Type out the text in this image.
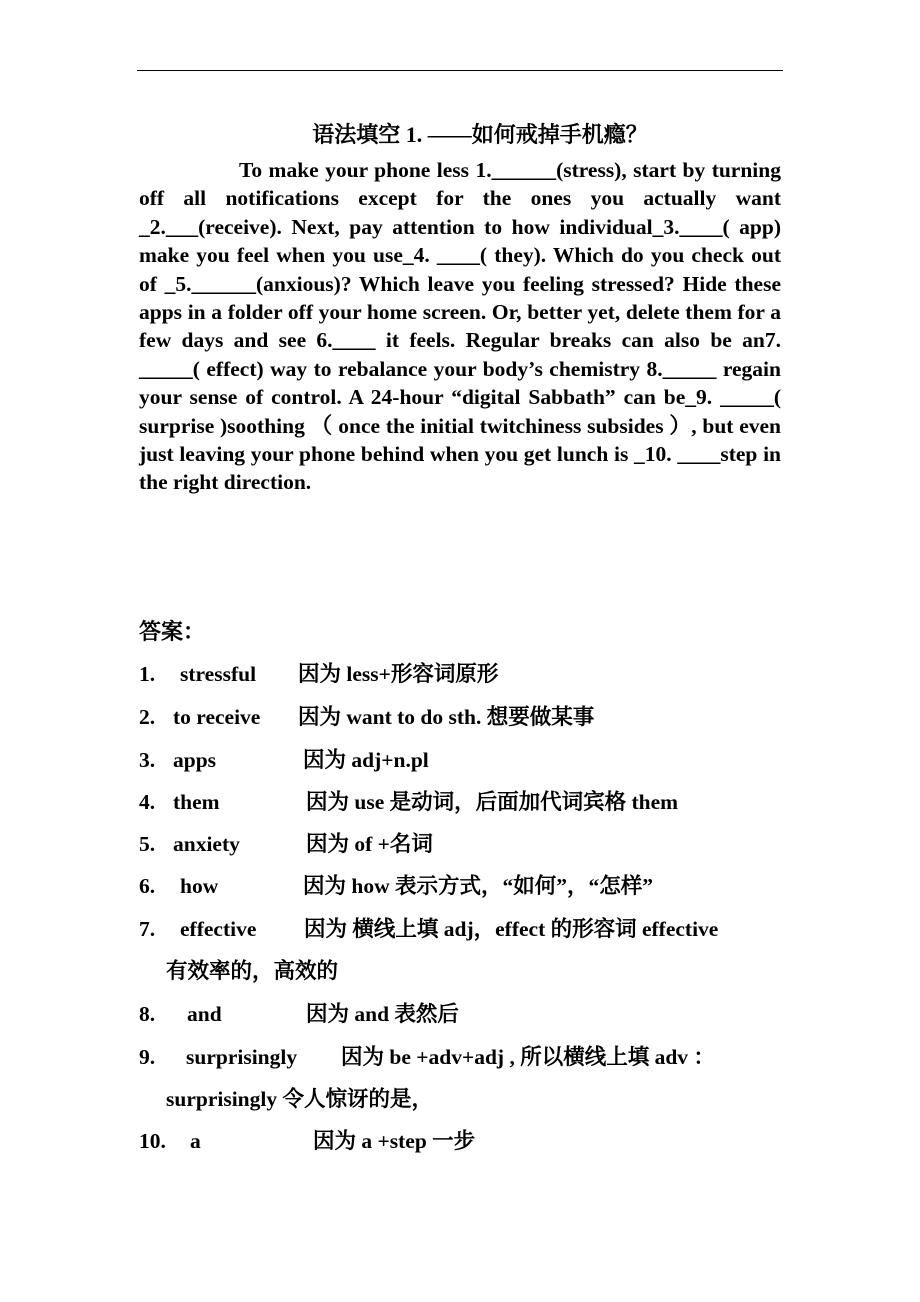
语法填空 1. ——如何戒掉手机瘾？

To make your phone less 1.______(stress), start by turning off all notifications except for the ones you actually want _2.___(receive). Next, pay attention to how individual_3.____( app) make you feel when you use_4. ____( they). Which do you check out of _5.______(anxious)? Which leave you feeling stressed? Hide these apps in a folder off your home screen. Or, better yet, delete them for a few days and see 6.____ it feels. Regular breaks can also be an7. _____( effect) way to rebalance your body’s chemistry 8._____ regain your sense of control. A 24-hour “digital Sabbath” can be_9. _____( surprise )soothing （ once the initial twitchiness subsides ）, but even just leaving your phone behind when you get lunch is _10. ____step in the right direction.

答案：
1. stressful 因为 less+形容词原形
2. to receive 因为 want to do sth. 想要做某事
3. apps	因为 adj+n.pl
4. them	因为 use 是动词，后面加代词宾格 them
5. anxiety	因为 of +名词
6. how	因为 how 表示方式，“如何”，“怎样”
7. effective 因为 横线上填 adj，effect 的形容词 effective
有效率的，高效的
8. and	因为 and 表然后
9. surprisingly 因为 be +adv+adj , 所以横线上填 adv ：
surprisingly 令人惊讶的是，
10. a	因为 a +step 一步
